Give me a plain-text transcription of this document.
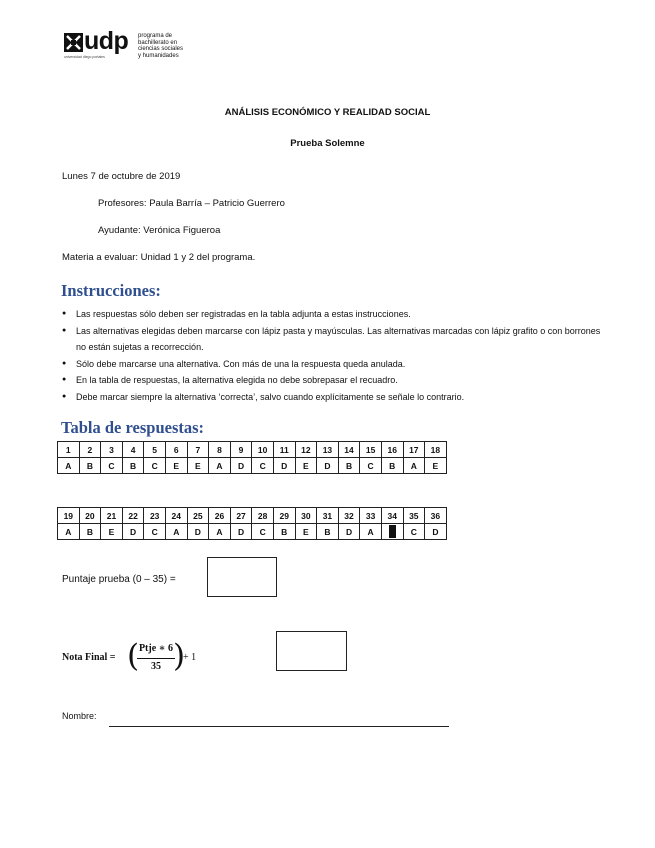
udp programa de
bachillerato en
ciencias sociales
y humanidades
universidad diego portales
ANÁLISIS ECONÓMICO Y REALIDAD SOCIAL
Prueba Solemne
Lunes 7 de octubre de 2019
Profesores: Paula Barría – Patricio Guerrero
Ayudante: Verónica Figueroa
Materia a evaluar: Unidad 1 y 2 del programa.
Instrucciones:
● Las respuestas sólo deben ser registradas en la tabla adjunta a estas instrucciones.
● Las alternativas elegidas deben marcarse con lápiz pasta y mayúsculas. Las alternativas marcadas con lápiz grafito o con borrones no están sujetas a recorrección.
● Sólo debe marcarse una alternativa. Con más de una la respuesta queda anulada.
● En la tabla de respuestas, la alternativa elegida no debe sobrepasar el recuadro.
● Debe marcar siempre la alternativa ‘correcta’, salvo cuando explícitamente se señale lo contrario.
Tabla de respuestas:
1	2	3	4	5	6	7	8	9	10	11	12	13	14	15	16	17	18
A	B	C	B	C	E	E	A	D	C	D	E	D	B	C	B	A	E
19	20	21	22	23	24	25	26	27	28	29	30	31	32	33	34	35	36
A	B	E	D	C	A	D	A	D	C	B	E	B	D	A		C	D
Puntaje prueba (0 – 35) =
Nota Final = ( Ptje ∗ 6
35 )
+ 1
Nombre:
